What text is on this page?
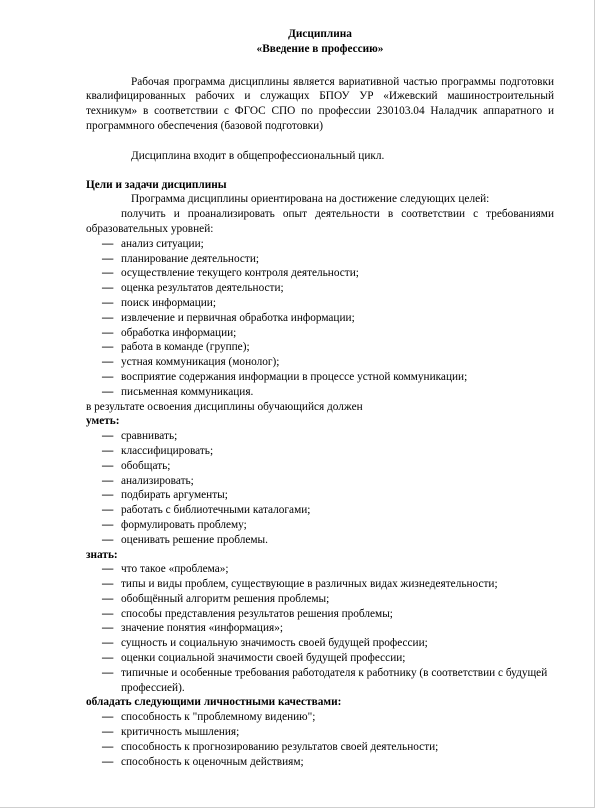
Дисциплина
«Введение в профессию»
Рабочая программа дисциплины является вариативной частью программы подготовки квалифицированных рабочих и служащих БПОУ УР «Ижевский машиностроительный техникум» в соответствии с ФГОС СПО по профессии 230103.04 Наладчик аппаратного и программного обеспечения (базовой подготовки)
Дисциплина входит в общепрофессиональный цикл.
Цели и задачи дисциплины
Программа дисциплины ориентирована на достижение следующих целей:
получить и проанализировать опыт деятельности в соответствии с требованиями образовательных уровней:
— анализ ситуации;
— планирование деятельности;
— осуществление текущего контроля деятельности;
— оценка результатов деятельности;
— поиск информации;
— извлечение и первичная обработка информации;
— обработка информации;
— работа в команде (группе);
— устная коммуникация (монолог);
— восприятие содержания информации в процессе устной коммуникации;
— письменная коммуникация.
в результате освоения дисциплины обучающийся должен
уметь:
— сравнивать;
— классифицировать;
— обобщать;
— анализировать;
— подбирать аргументы;
— работать с библиотечными каталогами;
— формулировать проблему;
— оценивать решение проблемы.
знать:
— что такое «проблема»;
— типы и виды проблем, существующие в различных видах жизнедеятельности;
— обобщённый алгоритм решения проблемы;
— способы представления результатов решения проблемы;
— значение понятия «информация»;
— сущность и социальную значимость своей будущей профессии;
— оценки социальной значимости своей будущей профессии;
— типичные и особенные требования работодателя к работнику (в соответствии с будущей профессией).
обладать следующими личностными качествами:
— способность к "проблемному видению";
— критичность мышления;
— способность к прогнозированию результатов своей деятельности;
— способность к оценочным действиям;
